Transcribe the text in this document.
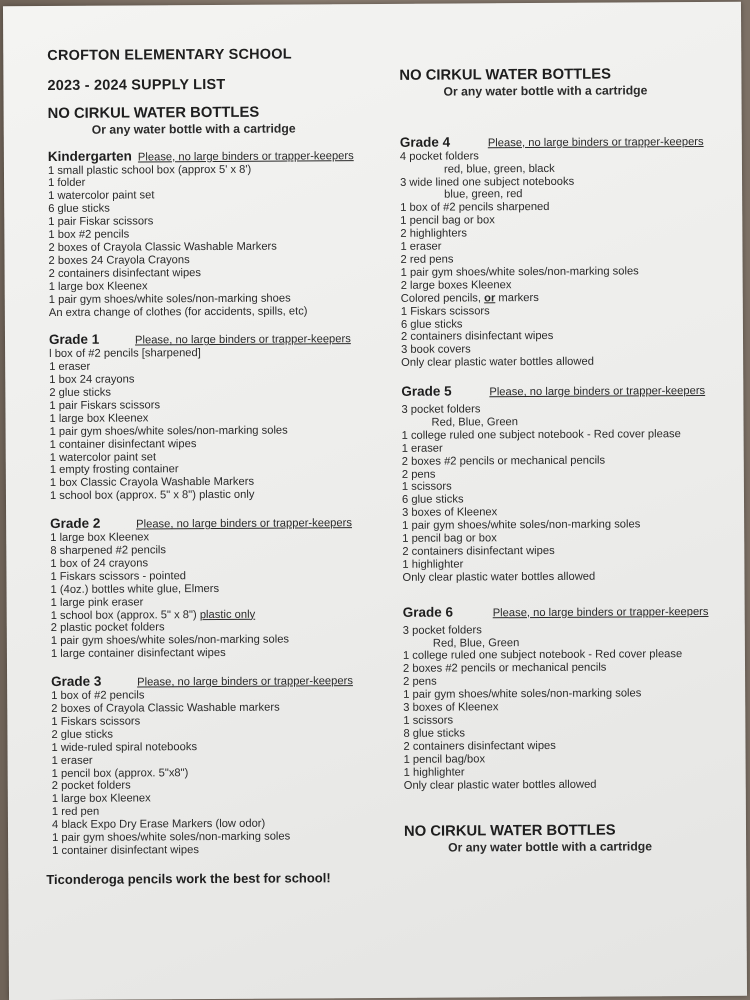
CROFTON ELEMENTARY SCHOOL
2023 - 2024 SUPPLY LIST
NO CIRKUL WATER BOTTLES
Or any water bottle with a cartridge
Kindergarten Please, no large binders or trapper-keepers
1 small plastic school box (approx 5' x 8')
1 folder
1 watercolor paint set
6 glue sticks
1 pair Fiskar scissors
1 box #2 pencils
2 boxes of Crayola Classic Washable Markers
2 boxes 24 Crayola Crayons
2 containers disinfectant wipes
1 large box Kleenex
1 pair gym shoes/white soles/non-marking shoes
An extra change of clothes (for accidents, spills, etc)
Grade 1	Please, no large binders or trapper-keepers
l box of #2 pencils [sharpened]
1 eraser
1 box 24 crayons
2 glue sticks
1 pair Fiskars scissors
1 large box Kleenex
1 pair gym shoes/white soles/non-marking soles
1 container disinfectant wipes
1 watercolor paint set
1 empty frosting container
1 box Classic Crayola Washable Markers
1 school box (approx. 5" x 8") plastic only
Grade 2	Please, no large binders or trapper-keepers
1 large box Kleenex
8 sharpened #2 pencils
1 box of 24 crayons
1 Fiskars scissors - pointed
1 (4oz.) bottles white glue, Elmers
1 large pink eraser
1 school box (approx. 5" x 8") plastic only
2 plastic pocket folders
1 pair gym shoes/white soles/non-marking soles
1 large container disinfectant wipes
Grade 3	Please, no large binders or trapper-keepers
1 box of #2 pencils
2 boxes of Crayola Classic Washable markers
1 Fiskars scissors
2 glue sticks
1 wide-ruled spiral notebooks
1 eraser
1 pencil box (approx. 5"x8")
2 pocket folders
1 large box Kleenex
1 red pen
4 black Expo Dry Erase Markers (low odor)
1 pair gym shoes/white soles/non-marking soles
1 container disinfectant wipes
Ticonderoga pencils work the best for school!
NO CIRKUL WATER BOTTLES
Or any water bottle with a cartridge
Grade 4	Please, no large binders or trapper-keepers
4 pocket folders
red, blue, green, black
3 wide lined one subject notebooks
blue, green, red
1 box of #2 pencils sharpened
1 pencil bag or box
2 highlighters
1 eraser
2 red pens
1 pair gym shoes/white soles/non-marking soles
2 large boxes Kleenex
Colored pencils, or markers
1 Fiskars scissors
6 glue sticks
2 containers disinfectant wipes
3 book covers
Only clear plastic water bottles allowed
Grade 5	Please, no large binders or trapper-keepers
3 pocket folders
Red, Blue, Green
1 college ruled one subject notebook - Red cover please
1 eraser
2 boxes #2 pencils or mechanical pencils
2 pens
1 scissors
6 glue sticks
3 boxes of Kleenex
1 pair gym shoes/white soles/non-marking soles
1 pencil bag or box
2 containers disinfectant wipes
1 highlighter
Only clear plastic water bottles allowed
Grade 6	Please, no large binders or trapper-keepers
3 pocket folders
Red, Blue, Green
1 college ruled one subject notebook - Red cover please
2 boxes #2 pencils or mechanical pencils
2 pens
1 pair gym shoes/white soles/non-marking soles
3 boxes of Kleenex
1 scissors
8 glue sticks
2 containers disinfectant wipes
1 pencil bag/box
1 highlighter
Only clear plastic water bottles allowed
NO CIRKUL WATER BOTTLES
Or any water bottle with a cartridge
